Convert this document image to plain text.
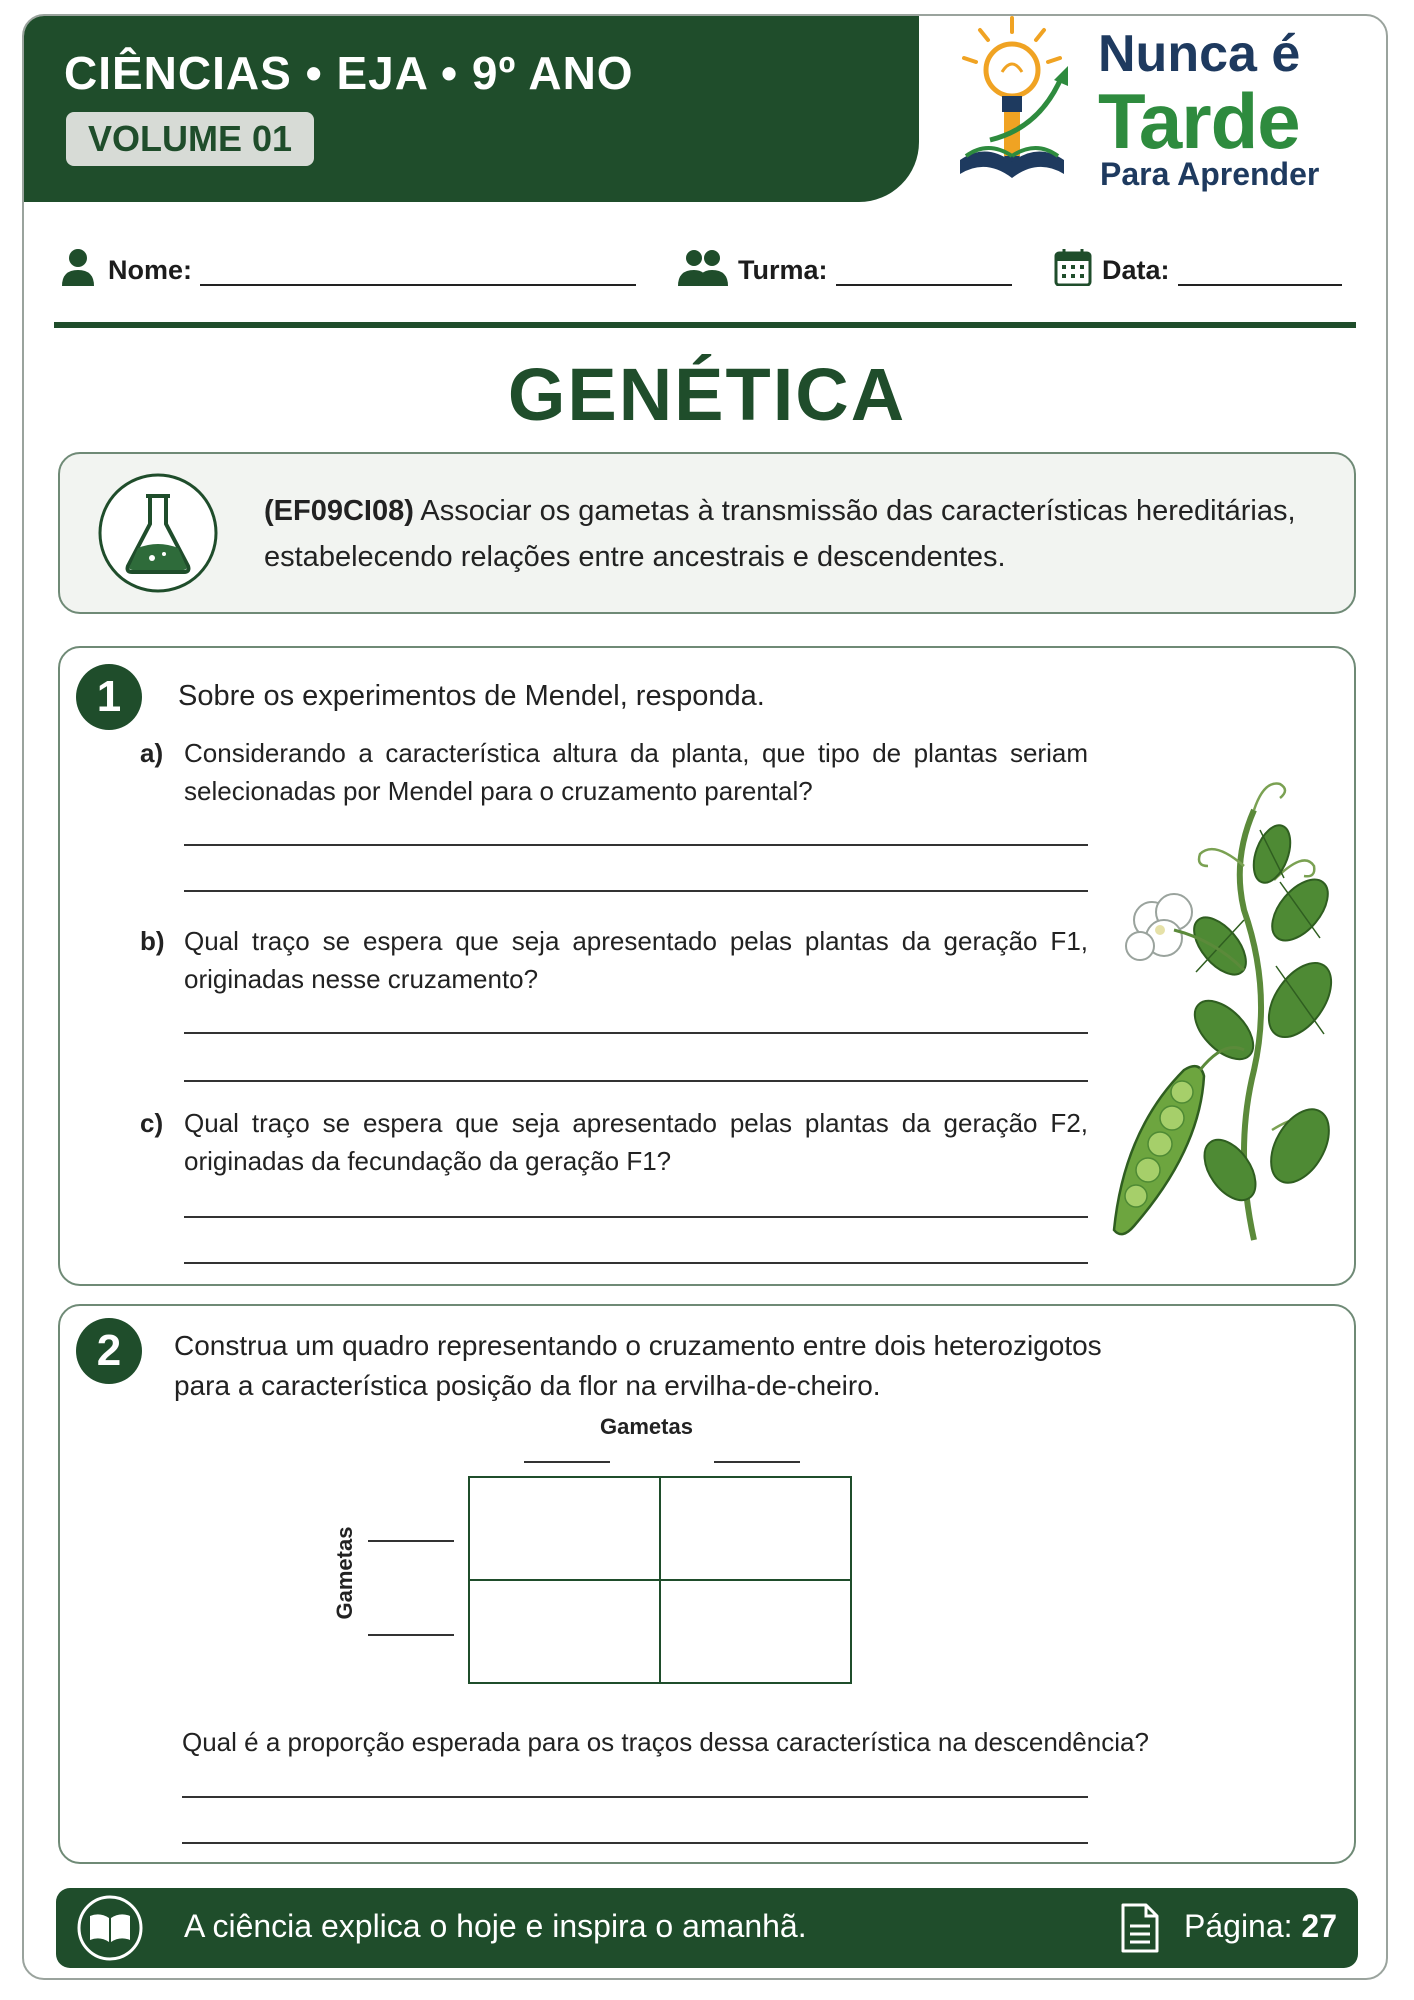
CIÊNCIAS • EJA • 9º ANO
VOLUME 01
Nunca é
Tarde
Para Aprender
Nome:	Turma:	Data:
GENÉTICA
(EF09CI08) Associar os gametas à transmissão das características hereditárias, estabelecendo relações entre ancestrais e descendentes.
1	Sobre os experimentos de Mendel, responda.
a) Considerando a característica altura da planta, que tipo de plantas seriam selecionadas por Mendel para o cruzamento parental?
b) Qual traço se espera que seja apresentado pelas plantas da geração F1, originadas nesse cruzamento?
c) Qual traço se espera que seja apresentado pelas plantas da geração F2, originadas da fecundação da geração F1?
2	Construa um quadro representando o cruzamento entre dois heterozigotos para a característica posição da flor na ervilha-de-cheiro.
Gametas
Gametas
Qual é a proporção esperada para os traços dessa característica na descendência?
A ciência explica o hoje e inspira o amanhã.	Página: 27
